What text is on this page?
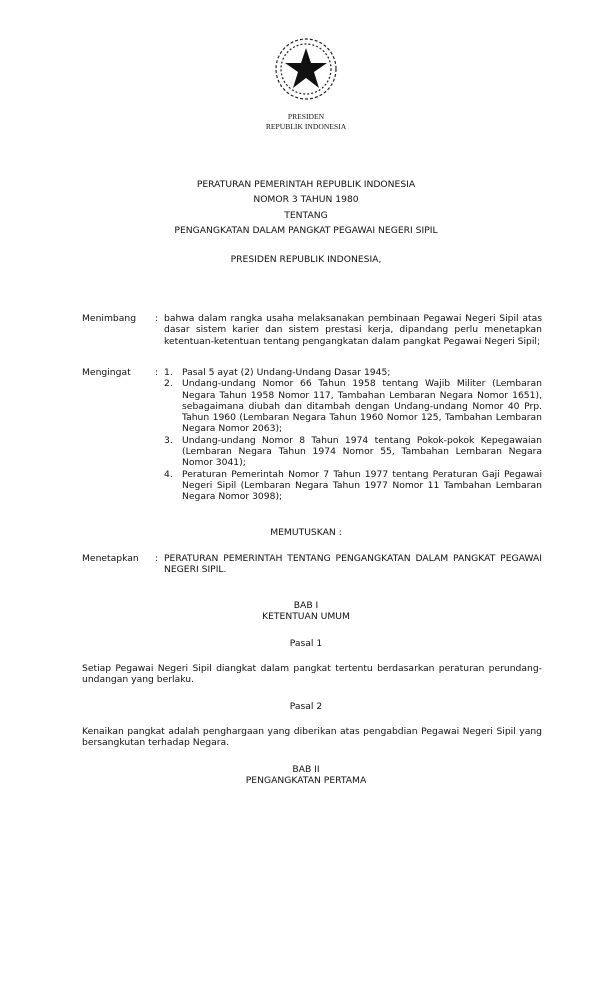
PRESIDEN
REPUBLIK INDONESIA
PERATURAN PEMERINTAH REPUBLIK INDONESIA
NOMOR 3 TAHUN 1980
TENTANG
PENGANGKATAN DALAM PANGKAT PEGAWAI NEGERI SIPIL
PRESIDEN REPUBLIK INDONESIA,
Menimbang : bahwa dalam rangka usaha melaksanakan pembinaan Pegawai Negeri Sipil atas dasar sistem karier dan sistem prestasi kerja, dipandang perlu menetapkan ketentuan-ketentuan tentang pengangkatan dalam pangkat Pegawai Negeri Sipil;
Mengingat	: 1. Pasal 5 ayat (2) Undang-Undang Dasar 1945;
2. Undang-undang Nomor 66 Tahun 1958 tentang Wajib Militer (Lembaran Negara Tahun 1958 Nomor 117, Tambahan Lembaran Negara Nomor 1651), sebagaimana diubah dan ditambah dengan Undang-undang Nomor 40 Prp. Tahun 1960 (Lembaran Negara Tahun 1960 Nomor 125, Tambahan Lembaran Negara Nomor 2063);
3. Undang-undang Nomor 8 Tahun 1974 tentang Pokok-pokok Kepegawaian (Lembaran Negara Tahun 1974 Nomor 55, Tambahan Lembaran Negara Nomor 3041);
4. Peraturan Pemerintah Nomor 7 Tahun 1977 tentang Peraturan Gaji Pegawai Negeri Sipil (Lembaran Negara Tahun 1977 Nomor 11 Tambahan Lembaran Negara Nomor 3098);
MEMUTUSKAN :
Menetapkan : PERATURAN PEMERINTAH TENTANG PENGANGKATAN DALAM PANGKAT PEGAWAI NEGERI SIPIL.
BAB I
KETENTUAN UMUM
Pasal 1
Setiap Pegawai Negeri Sipil diangkat dalam pangkat tertentu berdasarkan peraturan perundang-undangan yang berlaku.
Pasal 2
Kenaikan pangkat adalah penghargaan yang diberikan atas pengabdian Pegawai Negeri Sipil yang bersangkutan terhadap Negara.
BAB II
PENGANGKATAN PERTAMA
